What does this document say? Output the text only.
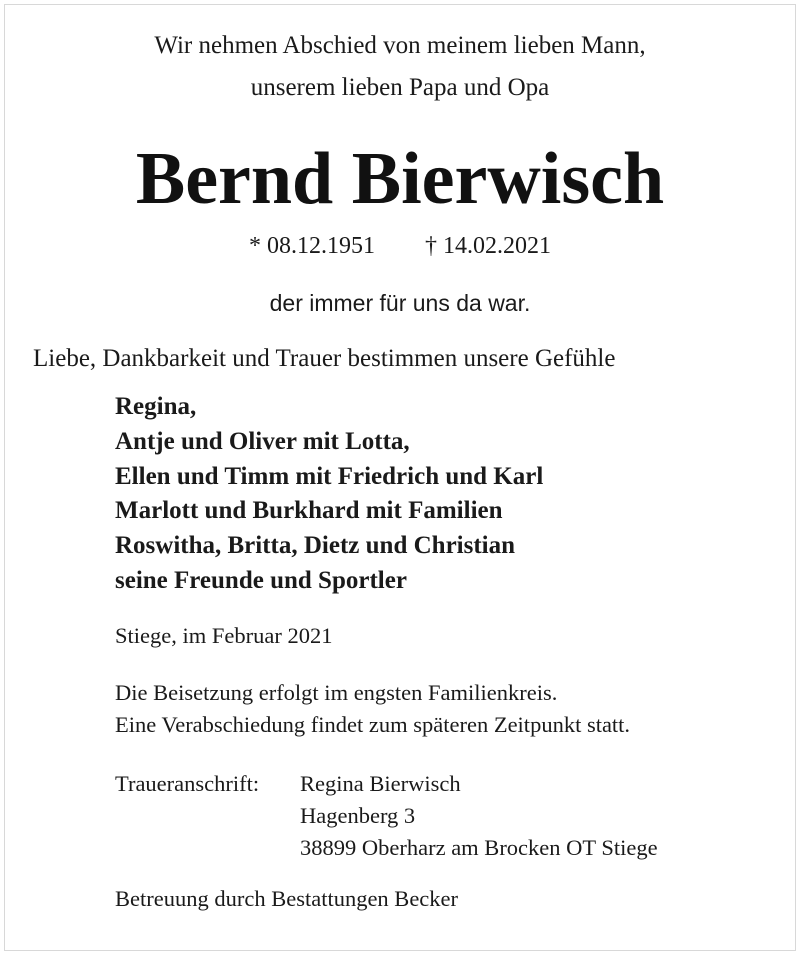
Wir nehmen Abschied von meinem lieben Mann,
unserem lieben Papa und Opa
Bernd Bierwisch
* 08.12.1951 † 14.02.2021
der immer für uns da war.
Liebe, Dankbarkeit und Trauer bestimmen unsere Gefühle
Regina,
Antje und Oliver mit Lotta,
Ellen und Timm mit Friedrich und Karl
Marlott und Burkhard mit Familien
Roswitha, Britta, Dietz und Christian
seine Freunde und Sportler
Stiege, im Februar 2021
Die Beisetzung erfolgt im engsten Familienkreis.
Eine Verabschiedung findet zum späteren Zeitpunkt statt.
Traueranschrift: Regina Bierwisch
Hagenberg 3
38899 Oberharz am Brocken OT Stiege
Betreuung durch Bestattungen Becker
